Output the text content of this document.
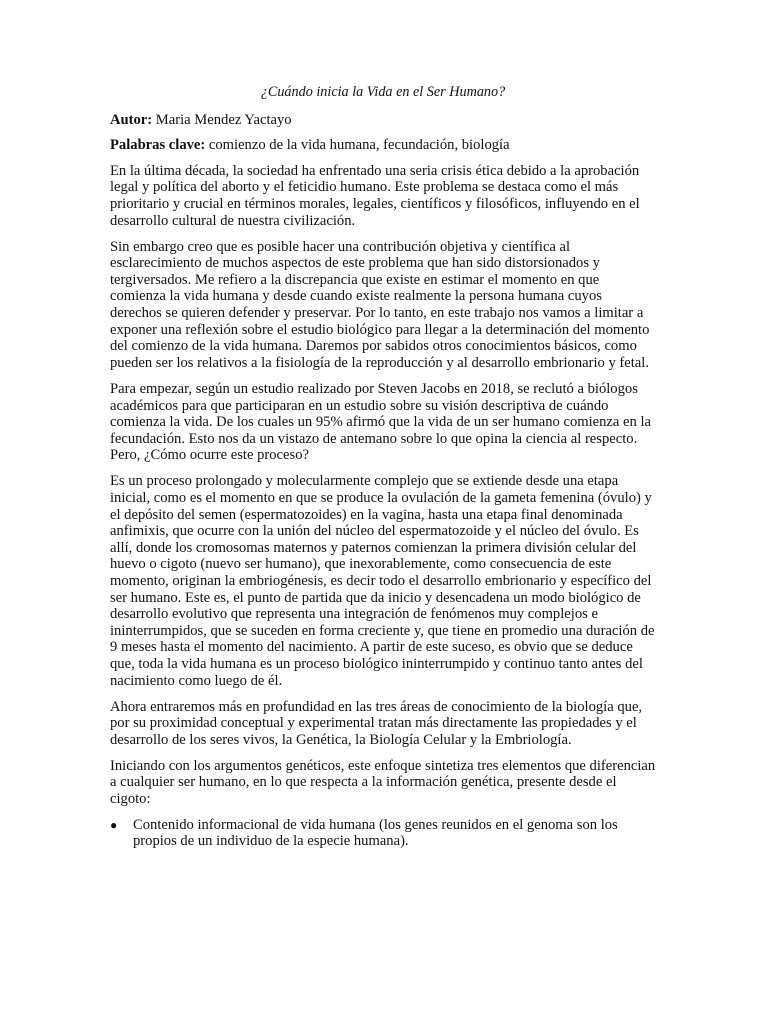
¿Cuándo inicia la Vida en el Ser Humano?

Autor: Maria Mendez Yactayo

Palabras clave: comienzo de la vida humana, fecundación, biología

En la última década, la sociedad ha enfrentado una seria crisis ética debido a la aprobación legal y política del aborto y el feticidio humano. Este problema se destaca como el más prioritario y crucial en términos morales, legales, científicos y filosóficos, influyendo en el desarrollo cultural de nuestra civilización.

Sin embargo creo que es posible hacer una contribución objetiva y científica al esclarecimiento de muchos aspectos de este problema que han sido distorsionados y tergiversados. Me refiero a la discrepancia que existe en estimar el momento en que comienza la vida humana y desde cuando existe realmente la persona humana cuyos derechos se quieren defender y preservar. Por lo tanto, en este trabajo nos vamos a limitar a exponer una reflexión sobre el estudio biológico para llegar a la determinación del momento del comienzo de la vida humana. Daremos por sabidos otros conocimientos básicos, como pueden ser los relativos a la fisiología de la reproducción y al desarrollo embrionario y fetal.

Para empezar, según un estudio realizado por Steven Jacobs en 2018, se reclutó a biólogos académicos para que participaran en un estudio sobre su visión descriptiva de cuándo comienza la vida. De los cuales un 95% afirmó que la vida de un ser humano comienza en la fecundación. Esto nos da un vistazo de antemano sobre lo que opina la ciencia al respecto. Pero, ¿Cómo ocurre este proceso?

Es un proceso prolongado y molecularmente complejo que se extiende desde una etapa inicial, como es el momento en que se produce la ovulación de la gameta femenina (óvulo) y el depósito del semen (espermatozoides) en la vagina, hasta una etapa final denominada anfimixis, que ocurre con la unión del núcleo del espermatozoide y el núcleo del óvulo. Es allí, donde los cromosomas maternos y paternos comienzan la primera división celular del huevo o cigoto (nuevo ser humano), que inexorablemente, como consecuencia de este momento, originan la embriogénesis, es decir todo el desarrollo embrionario y específico del ser humano. Este es, el punto de partida que da inicio y desencadena un modo biológico de desarrollo evolutivo que representa una integración de fenómenos muy complejos e ininterrumpidos, que se suceden en forma creciente y, que tiene en promedio una duración de 9 meses hasta el momento del nacimiento. A partir de este suceso, es obvio que se deduce que, toda la vida humana es un proceso biológico ininterrumpido y continuo tanto antes del nacimiento como luego de él.

Ahora entraremos más en profundidad en las tres áreas de conocimiento de la biología que, por su proximidad conceptual y experimental tratan más directamente las propiedades y el desarrollo de los seres vivos, la Genética, la Biología Celular y la Embriología.

Iniciando con los argumentos genéticos, este enfoque sintetiza tres elementos que diferencian a cualquier ser humano, en lo que respecta a la información genética, presente desde el cigoto:

● Contenido informacional de vida humana (los genes reunidos en el genoma son los propios de un individuo de la especie humana).
